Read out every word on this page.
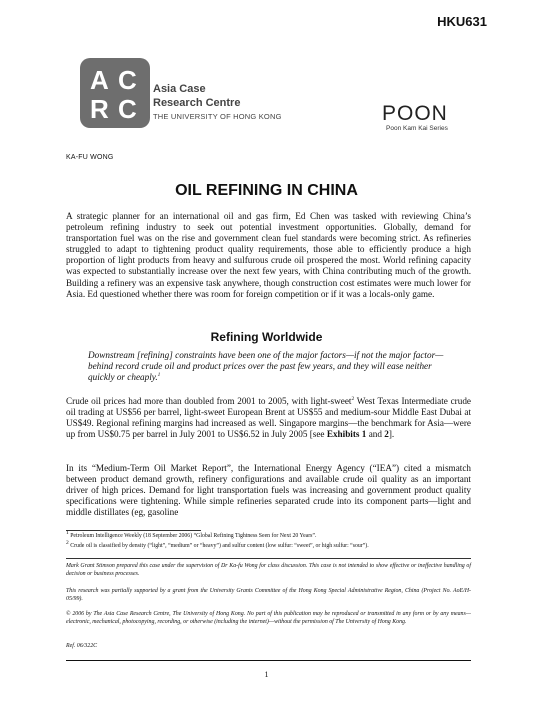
HKU631
A C
R C
Asia Case
Research Centre
THE UNIVERSITY OF HONG KONG	POON
Poon Kam Kai Series
KA-FU WONG
OIL REFINING IN CHINA
A strategic planner for an international oil and gas firm, Ed Chen was tasked with reviewing China’s petroleum refining industry to seek out potential investment opportunities. Globally, demand for transportation fuel was on the rise and government clean fuel standards were becoming strict. As refineries struggled to adapt to tightening product quality requirements, those able to efficiently produce a high proportion of light products from heavy and sulfurous crude oil prospered the most. World refining capacity was expected to substantially increase over the next few years, with China contributing much of the growth. Building a refinery was an expensive task anywhere, though construction cost estimates were much lower for Asia. Ed questioned whether there was room for foreign competition or if it was a locals-only game.
Refining Worldwide
Downstream [refining] constraints have been one of the major factors—if not the major factor—behind record crude oil and product prices over the past few years, and they will ease neither quickly or cheaply.$^1$
Crude oil prices had more than doubled from 2001 to 2005, with light-sweet$^2$ West Texas Intermediate crude oil trading at US$56 per barrel, light-sweet European Brent at US$55 and medium-sour Middle East Dubai at US$49. Regional refining margins had increased as well. Singapore margins—the benchmark for Asia—were up from US$0.75 per barrel in July 2001 to US$6.52 in July 2005 [see Exhibits 1 and 2].
In its “Medium-Term Oil Market Report”, the International Energy Agency (“IEA”) cited a mismatch between product demand growth, refinery configurations and available crude oil quality as an important driver of high prices. Demand for light transportation fuels was increasing and government product quality specifications were tightening. While simple refineries separated crude into its component parts—light and middle distillates (eg, gasoline
$^1$ Petroleum Intelligence Weekly (18 September 2006) “Global Refining Tightness Seen for Next 20 Years”.
$^2$ Crude oil is classified by density (“light”, “medium” or “heavy”) and sulfur content (low sulfur: “sweet”, or high sulfur: “sour”).
Mark Grant Stimson prepared this case under the supervision of Dr Ka-fu Wong for class discussion. This case is not intended to show effective or ineffective handling of decision or business processes.
This research was partially supported by a grant from the University Grants Committee of the Hong Kong Special Administrative Region, China (Project No. AoE/H-05/99).
© 2006 by The Asia Case Research Centre, The University of Hong Kong. No part of this publication may be reproduced or transmitted in any form or by any means—electronic, mechanical, photocopying, recording, or otherwise (including the internet)—without the permission of The University of Hong Kong.
Ref. 06/322C
1
